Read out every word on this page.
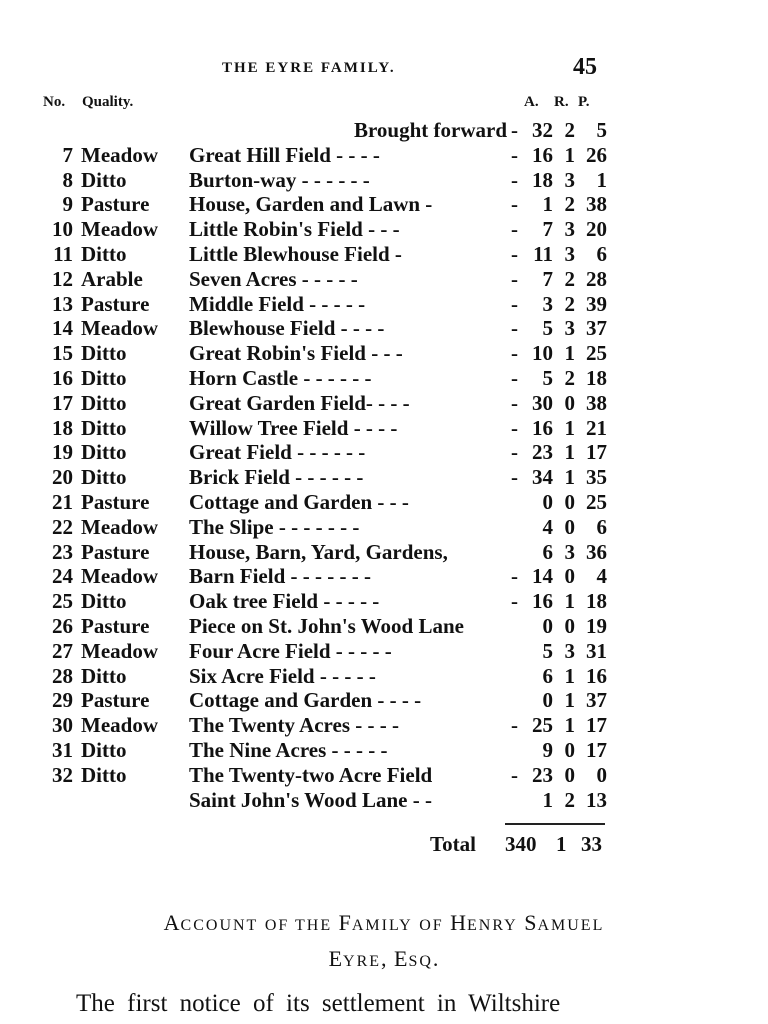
THE EYRE FAMILY.	45
No. Quality.	A. R. P.
		Brought forward	-	32	2	5
7	Meadow	Great Hill Field - - - -	-	16	1	26
8	Ditto	Burton-way - - - - - -	-	18	3	1
9	Pasture	House, Garden and Lawn -	-	1	2	38
10	Meadow	Little Robin's Field - - -	-	7	3	20
11	Ditto	Little Blewhouse Field -	-	11	3	6
12	Arable	Seven Acres - - - - -	-	7	2	28
13	Pasture	Middle Field - - - - -	-	3	2	39
14	Meadow	Blewhouse Field - - - -	-	5	3	37
15	Ditto	Great Robin's Field - - -	-	10	1	25
16	Ditto	Horn Castle - - - - - -	-	5	2	18
17	Ditto	Great Garden Field- - - -	-	30	0	38
18	Ditto	Willow Tree Field - - - -	-	16	1	21
19	Ditto	Great Field - - - - - -	-	23	1	17
20	Ditto	Brick Field - - - - - -	-	34	1	35
21	Pasture	Cottage and Garden - - -		0	0	25
22	Meadow	The Slipe - - - - - - -		4	0	6
23	Pasture	House, Barn, Yard, Gardens,		6	3	36
24	Meadow	Barn Field - - - - - - -	-	14	0	4
25	Ditto	Oak tree Field - - - - -	-	16	1	18
26	Pasture	Piece on St. John's Wood Lane		0	0	19
27	Meadow	Four Acre Field - - - - -		5	3	31
28	Ditto	Six Acre Field - - - - -		6	1	16
29	Pasture	Cottage and Garden - - - -		0	1	37
30	Meadow	The Twenty Acres - - - -	-	25	1	17
31	Ditto	The Nine Acres - - - - -		9	0	17
32	Ditto	The Twenty-two Acre Field	-	23	0	0
		Saint John's Wood Lane - -		1	2	13
Total 340 1 33
ACCOUNT OF THE FAMILY OF HENRY SAMUEL
EYRE, ESQ.
The first notice of its settlement in Wiltshire
